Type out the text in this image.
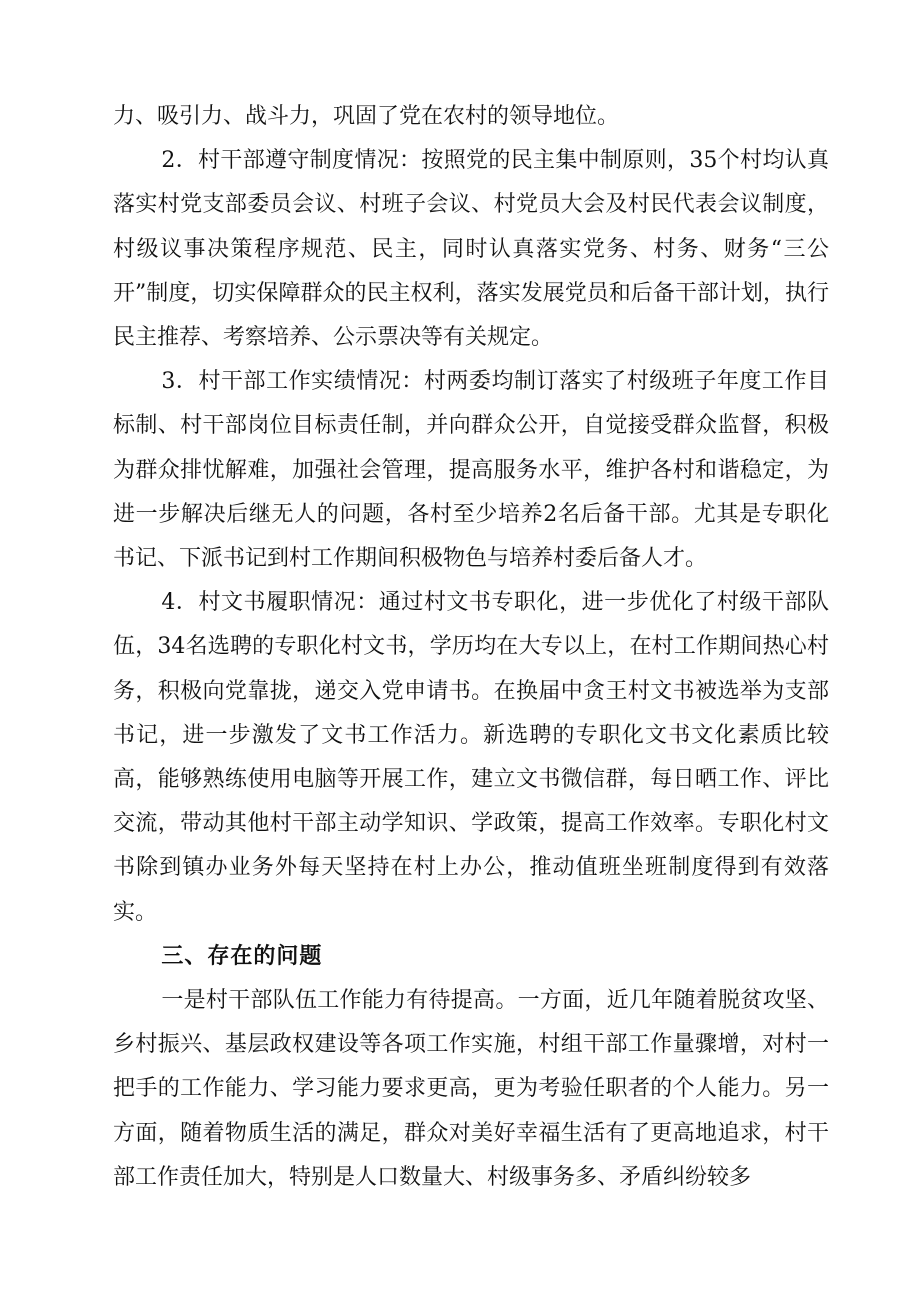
力、吸引力、战斗力，巩固了党在农村的领导地位。

2．村干部遵守制度情况：按照党的民主集中制原则，35个村均认真落实村党支部委员会议、村班子会议、村党员大会及村民代表会议制度，村级议事决策程序规范、民主，同时认真落实党务、村务、财务“三公开”制度，切实保障群众的民主权利，落实发展党员和后备干部计划，执行民主推荐、考察培养、公示票决等有关规定。

3．村干部工作实绩情况：村两委均制订落实了村级班子年度工作目标制、村干部岗位目标责任制，并向群众公开，自觉接受群众监督，积极为群众排忧解难，加强社会管理，提高服务水平，维护各村和谐稳定，为进一步解决后继无人的问题，各村至少培养2名后备干部。尤其是专职化书记、下派书记到村工作期间积极物色与培养村委后备人才。

4．村文书履职情况：通过村文书专职化，进一步优化了村级干部队伍，34名选聘的专职化村文书，学历均在大专以上，在村工作期间热心村务，积极向党靠拢，递交入党申请书。在换届中贪王村文书被选举为支部书记，进一步激发了文书工作活力。新选聘的专职化文书文化素质比较高，能够熟练使用电脑等开展工作，建立文书微信群，每日晒工作、评比交流，带动其他村干部主动学知识、学政策，提高工作效率。专职化村文书除到镇办业务外每天坚持在村上办公，推动值班坐班制度得到有效落实。

三、存在的问题

一是村干部队伍工作能力有待提高。一方面，近几年随着脱贫攻坚、乡村振兴、基层政权建设等各项工作实施，村组干部工作量骤增，对村一把手的工作能力、学习能力要求更高，更为考验任职者的个人能力。另一方面，随着物质生活的满足，群众对美好幸福生活有了更高地追求，村干部工作责任加大，特别是人口数量大、村级事务多、矛盾纠纷较多
